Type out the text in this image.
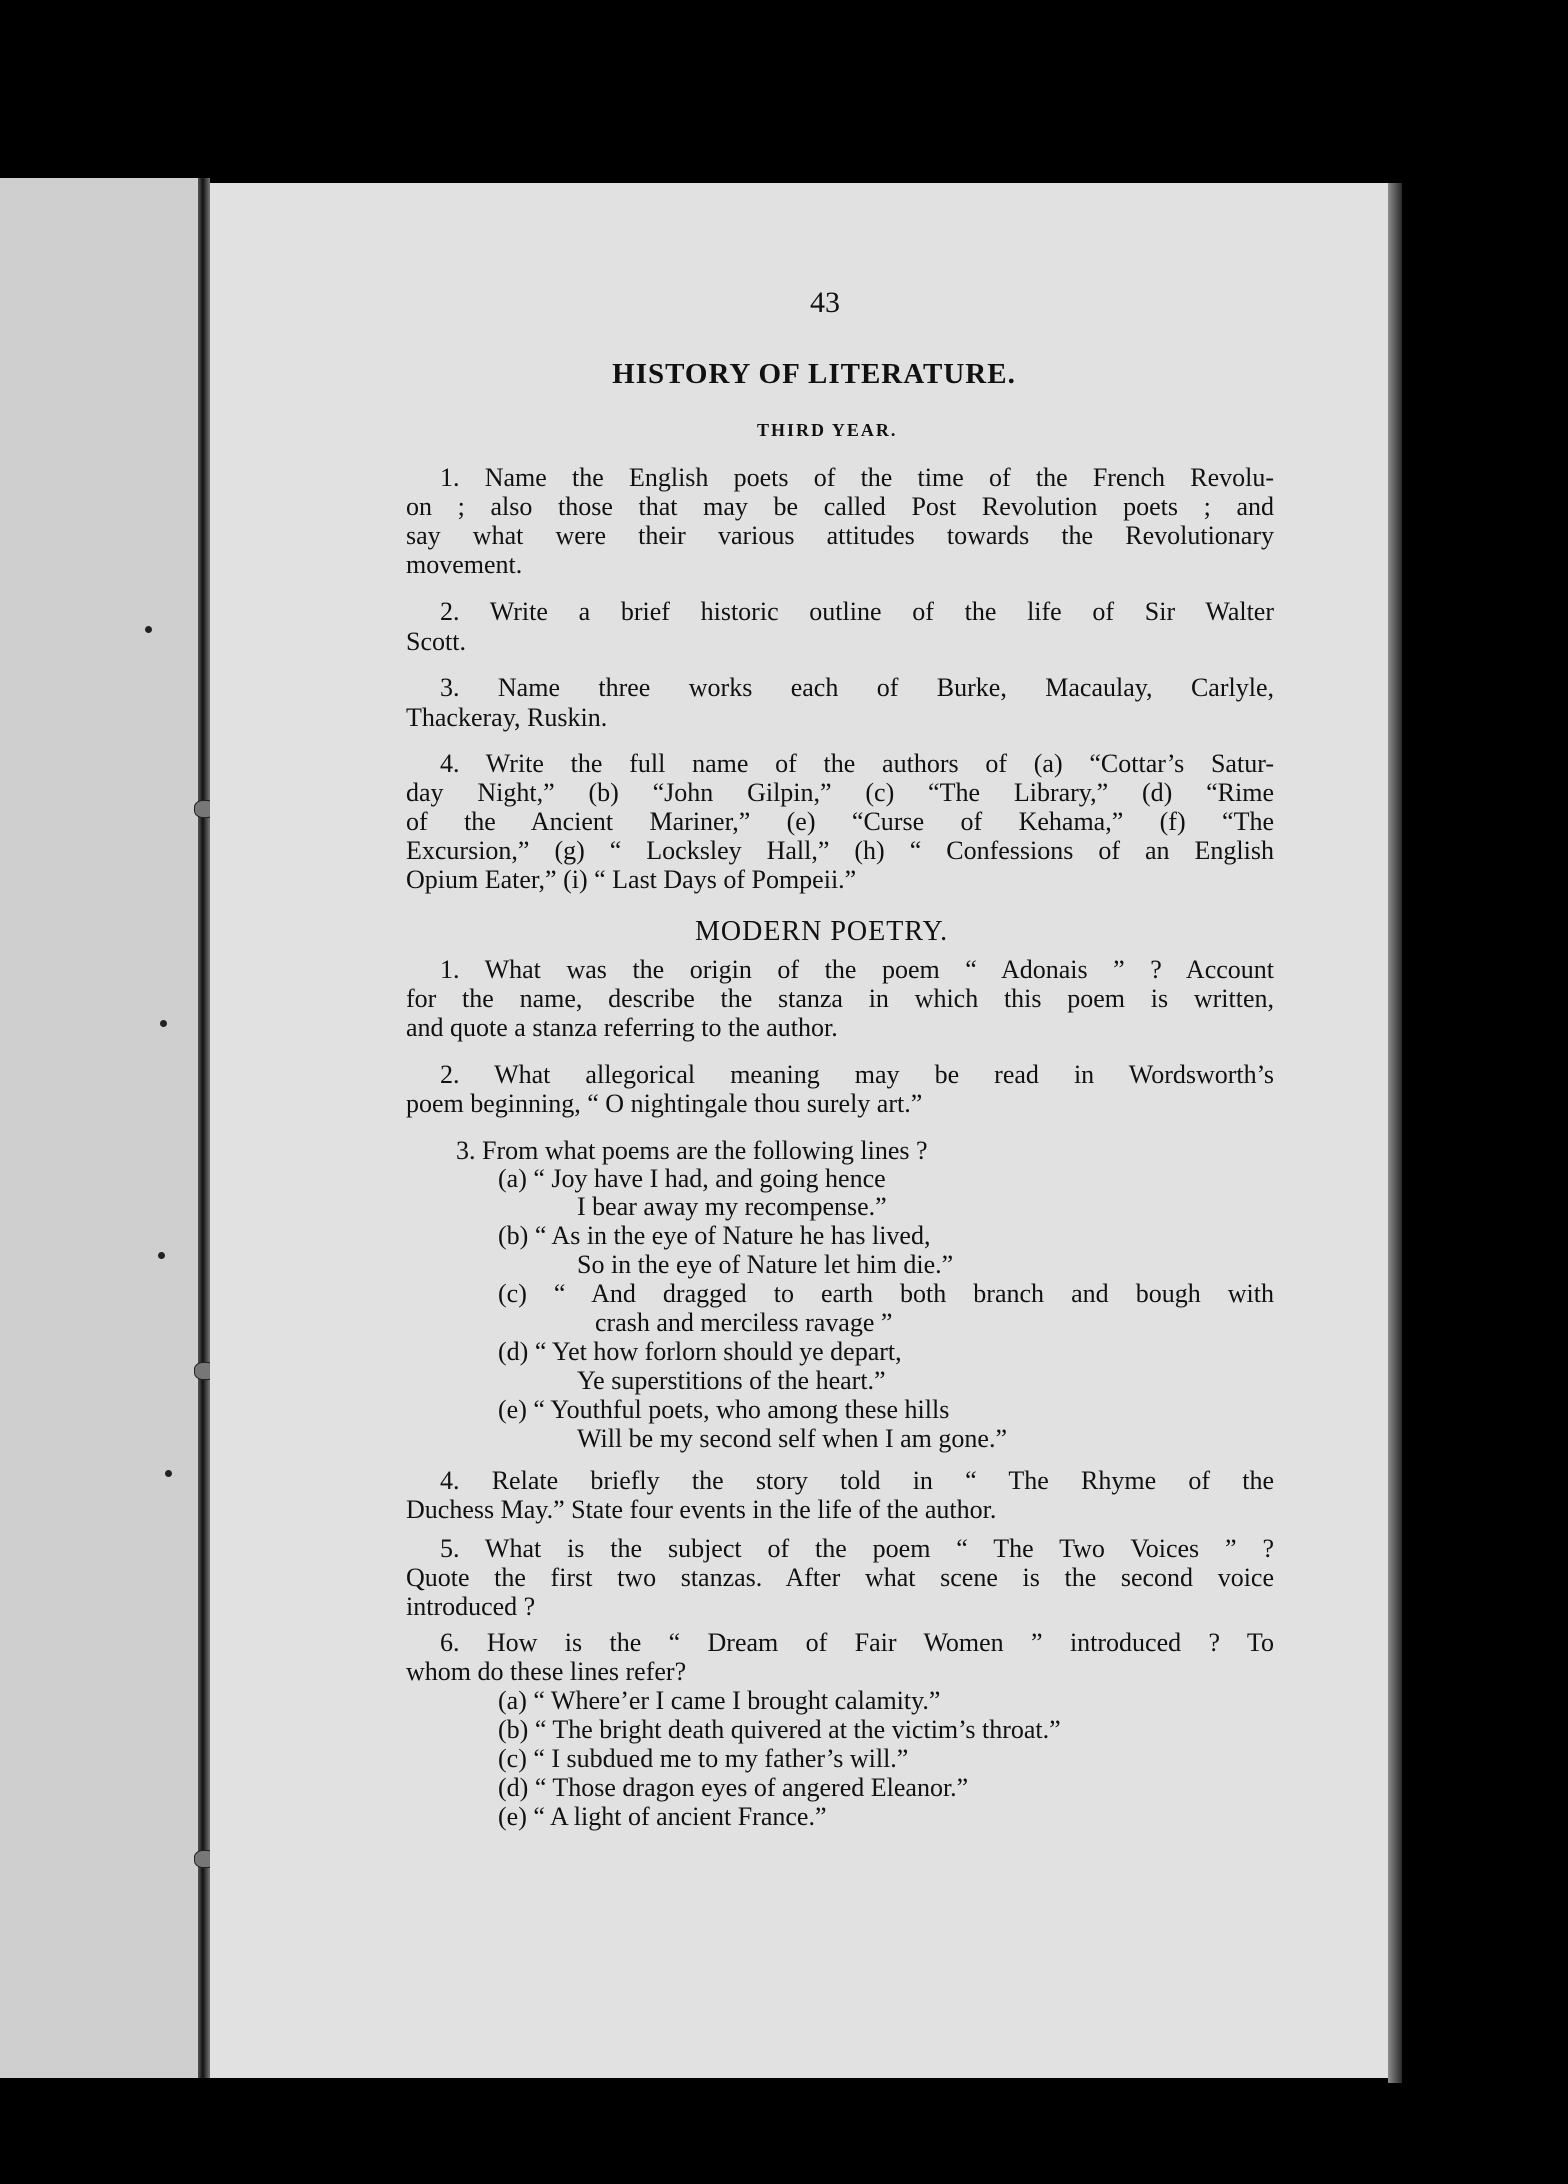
43
HISTORY OF LITERATURE.
THIRD YEAR.
1. Name the English poets of the time of the French Revolu-
on ; also those that may be called Post Revolution poets ; and
say what were their various attitudes towards the Revolutionary
movement.
2. Write a brief historic outline of the life of Sir Walter
Scott.
3. Name three works each of Burke, Macaulay, Carlyle,
Thackeray, Ruskin.
4. Write the full name of the authors of (a) “Cottar’s Satur-
day Night,” (b) “John Gilpin,” (c) “The Library,” (d) “Rime
of the Ancient Mariner,” (e) “Curse of Kehama,” (f) “The
Excursion,” (g) “ Locksley Hall,” (h) “ Confessions of an English
Opium Eater,” (i) “ Last Days of Pompeii.”
MODERN POETRY.
1. What was the origin of the poem “ Adonais ” ? Account
for the name, describe the stanza in which this poem is written,
and quote a stanza referring to the author.
2. What allegorical meaning may be read in Wordsworth’s
poem beginning, “ O nightingale thou surely art.”
3. From what poems are the following lines ?
(a) “ Joy have I had, and going hence
I bear away my recompense.”
(b) “ As in the eye of Nature he has lived,
So in the eye of Nature let him die.”
(c) “ And dragged to earth both branch and bough with
crash and merciless ravage ”
(d) “ Yet how forlorn should ye depart,
Ye superstitions of the heart.”
(e) “ Youthful poets, who among these hills
Will be my second self when I am gone.”
4. Relate briefly the story told in “ The Rhyme of the
Duchess May.” State four events in the life of the author.
5. What is the subject of the poem “ The Two Voices ” ?
Quote the first two stanzas. After what scene is the second voice
introduced ?
6. How is the “ Dream of Fair Women ” introduced ? To
whom do these lines refer?
(a) “ Where’er I came I brought calamity.”
(b) “ The bright death quivered at the victim’s throat.”
(c) “ I subdued me to my father’s will.”
(d) “ Those dragon eyes of angered Eleanor.”
(e) “ A light of ancient France.”
